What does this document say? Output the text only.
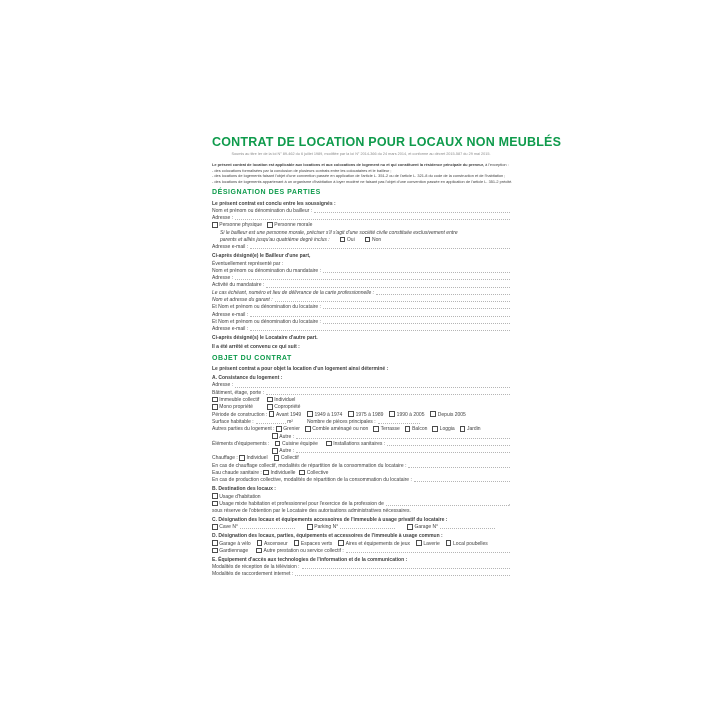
CONTRAT DE LOCATION POUR LOCAUX NON MEUBLÉS
Soumis au titre Ier de la loi N° 89-462 du 6 juillet 1989, modifiée par la loi N° 2014-366 du 24 mars 2014, et conforme au décret 2015-587 du 29 mai 2015.
Le présent contrat de location est applicable aux locations et aux colocations de logement nu et qui constituent la résidence principale du preneur, à l'exception :
- des colocations formalisées par la conclusion de plusieurs contrats entre les colocataires et le bailleur ;
- des locations de logements faisant l'objet d'une convention passée en application de l'article L. 351-2 ou de l'article L. 321-8 du code de la construction et de l'habitation ;
- des locations de logements appartenant à un organisme d'habitation à loyer modéré ne faisant pas l'objet d'une convention passée en application de l'article L. 351-2 précité.
DÉSIGNATION DES PARTIES
Le présent contrat est conclu entre les soussignés :
Nom et prénom ou dénomination du bailleur :
Adresse :
Personne physique Personne morale
Si le bailleur est une personne morale, préciser s'il s'agit d'une société civile constituée exclusivement entre
parents et alliés jusqu'au quatrième degré inclus :	Oui	Non
Adresse e-mail :
Ci-après désigné(e) le Bailleur d'une part,
Éventuellement représenté par :
Nom et prénom ou dénomination du mandataire :
Adresse :
Activité du mandataire :
Le cas échéant, numéro et lieu de délivrance de la carte professionnelle :
Nom et adresse du garant :
Et Nom et prénom ou dénomination du locataire :
Adresse e-mail :
Et Nom et prénom ou dénomination du locataire :
Adresse e-mail :
Ci-après désigné(s) le Locataire d'autre part.
Il a été arrêté et convenu ce qui suit :
OBJET DU CONTRAT
Le présent contrat a pour objet la location d'un logement ainsi déterminé :
A. Consistance du logement :
Adresse :
Bâtiment, étage, porte :
Immeuble collectif	Individuel
Mono propriété	Copropriété
Période de construction : Avant 1949	1949 à 1974	1975 à 1989	1990 à 2005	Depuis 2005
Surface habitable :	m²	Nombre de pièces principales :
Autres parties du logement : Grenier Comble aménagé ou non Terrasse Balcon Loggia Jardin
Autre :
Éléments d'équipements : Cuisine équipée	Installations sanitaires :
Autre :
Chauffage : Individuel	Collectif
En cas de chauffage collectif, modalités de répartition de la consommation du locataire :
Eau chaude sanitaire : Individuelle Collective
En cas de production collective, modalités de répartition de la consommation du locataire :
B. Destination des locaux :
Usage d'habitation
Usage mixte habitation et professionnel pour l'exercice de la profession de	,
sous réserve de l'obtention par le Locataire des autorisations administratives nécessaires.
C. Désignation des locaux et équipements accessoires de l'immeuble à usage privatif du locataire :
Cave N°	Parking N°	Garage N°
D. Désignation des locaux, parties, équipements et accessoires de l'immeuble à usage commun :
Garage à vélo	Ascenseur	Espaces verts	Aires et équipements de jeux	Laverie	Local poubelles
Gardiennage	Autre prestation ou service collectif :
E. Équipement d'accès aux technologies de l'information et de la communication :
Modalités de réception de la télévision :
Modalités de raccordement internet :
